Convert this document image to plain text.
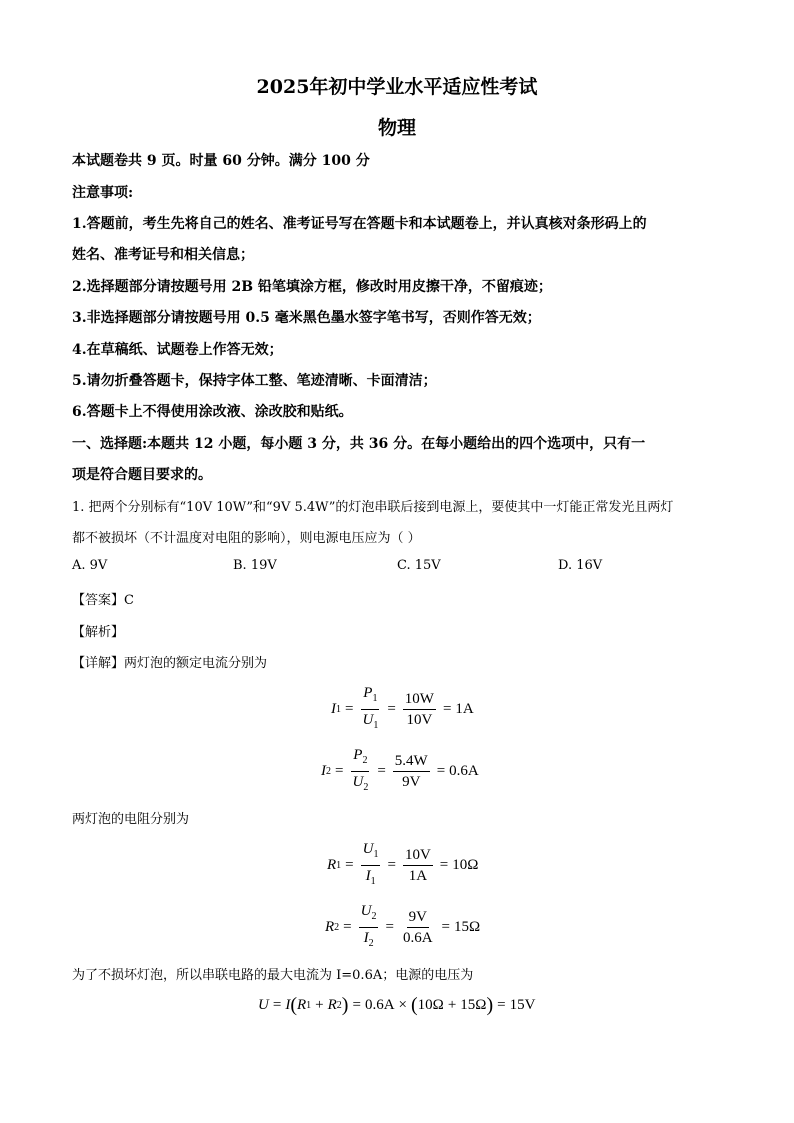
2025年初中学业水平适应性考试
物理
本试题卷共 9 页。时量 60 分钟。满分 100 分
注意事项:
1.答题前，考生先将自己的姓名、准考证号写在答题卡和本试题卷上，并认真核对条形码上的
姓名、准考证号和相关信息；
2.选择题部分请按题号用 2B 铅笔填涂方框，修改时用皮擦干净，不留痕迹；
3.非选择题部分请按题号用 0.5 毫米黑色墨水签字笔书写，否则作答无效；
4.在草稿纸、试题卷上作答无效；
5.请勿折叠答题卡，保持字体工整、笔迹清晰、卡面清洁；
6.答题卡上不得使用涂改液、涂改胶和贴纸。
一、选择题:本题共 12 小题，每小题 3 分，共 36 分。在每小题给出的四个选项中，只有一
项是符合题目要求的。
1. 把两个分别标有“10V 10W”和“9V 5.4W”的灯泡串联后接到电源上，要使其中一灯能正常发光且两灯
都不被损坏（不计温度对电阻的影响），则电源电压应为（ ）
A. 9V	B. 19V	C. 15V	D. 16V
【答案】C
【解析】
【详解】两灯泡的额定电流分别为
I $1 = \frac{P_1}{U_1} = \frac{10W}{10V} = 1A$
I $2 = \frac{P_2}{U_2} = \frac{5.4W}{9V} = 0.6A$
两灯泡的电阻分别为
R $1 = \frac{U_1}{I_1} = \frac{10V}{1A} = 10\Omega$
R $2 = \frac{U_2}{I_2} = \frac{9V}{0.6A} = 15\Omega$
为了不损坏灯泡，所以串联电路的最大电流为 I=0.6A；电源的电压为
U = I ( R 1 + R 2 ) = 0.6A × ( 10Ω + 15Ω ) = 15V
